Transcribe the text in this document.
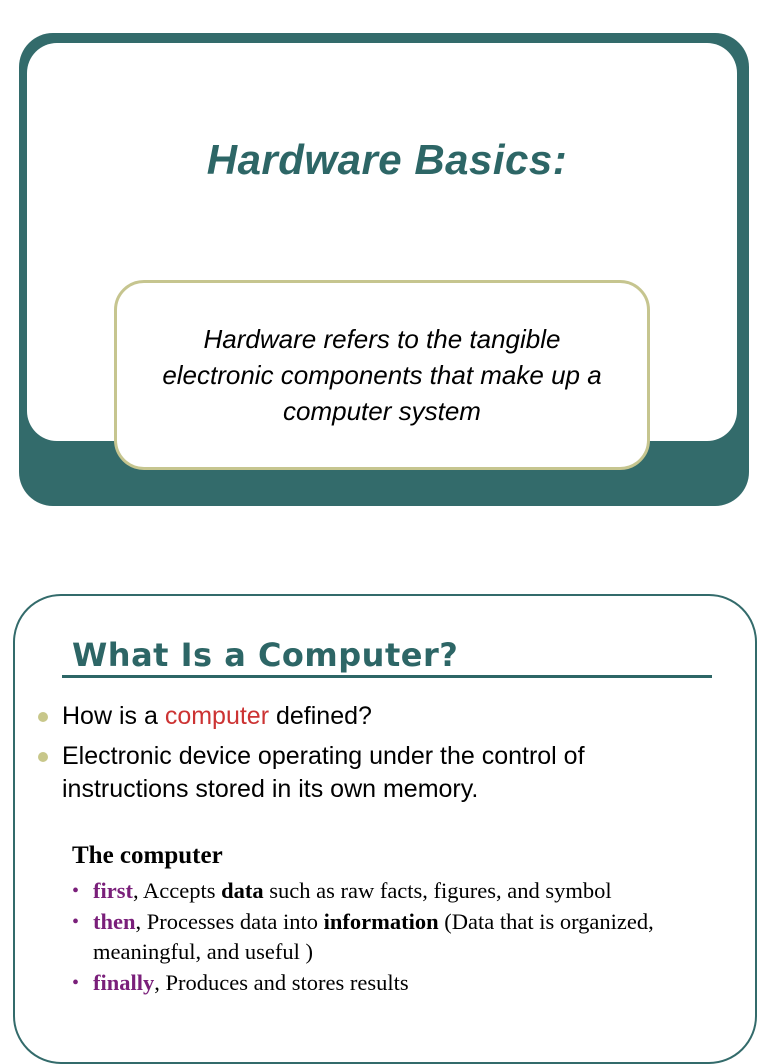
Hardware Basics:

Hardware refers to the tangible electronic components that make up a computer system

What Is a Computer?
How is a computer defined?
Electronic device operating under the control of instructions stored in its own memory.
The computer
• first, Accepts data such as raw facts, figures, and symbol
• then, Processes data into information (Data that is organized, meaningful, and useful )
• finally, Produces and stores results
